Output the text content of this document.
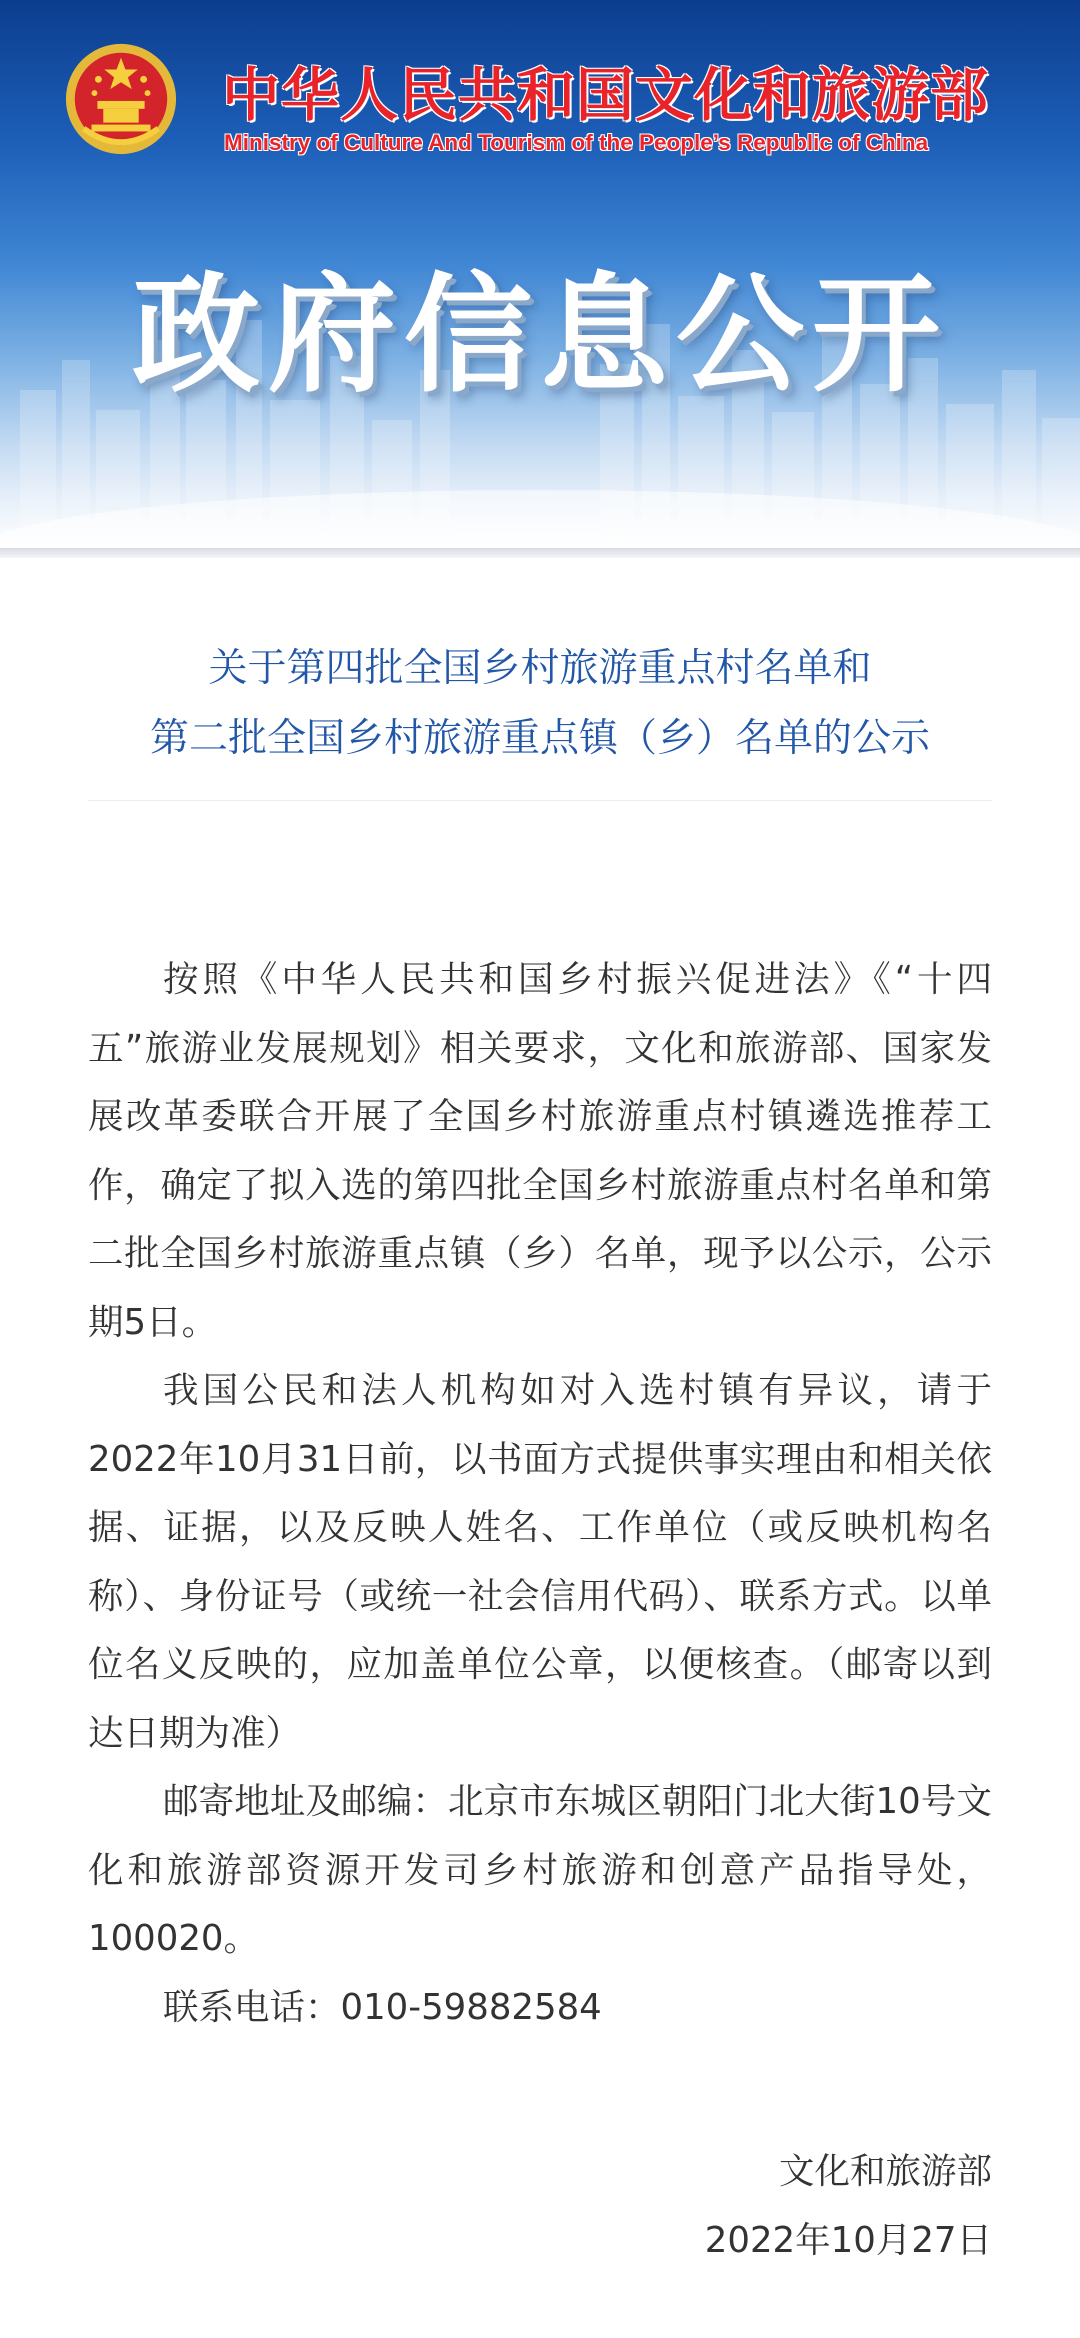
中华人民共和国文化和旅游部
Ministry of Culture And Tourism of the People’s Republic of China
政府信息公开
关于第四批全国乡村旅游重点村名单和
第二批全国乡村旅游重点镇（乡）名单的公示

按照《中华人民共和国乡村振兴促进法》《“十四五”旅游业发展规划》相关要求，文化和旅游部、国家发展改革委联合开展了全国乡村旅游重点村镇遴选推荐工作，确定了拟入选的第四批全国乡村旅游重点村名单和第二批全国乡村旅游重点镇（乡）名单，现予以公示，公示期5日。

我国公民和法人机构如对入选村镇有异议，请于2022年10月31日前，以书面方式提供事实理由和相关依据、证据，以及反映人姓名、工作单位（或反映机构名称）、身份证号（或统一社会信用代码）、联系方式。以单位名义反映的，应加盖单位公章，以便核查。（邮寄以到达日期为准）

邮寄地址及邮编：北京市东城区朝阳门北大街10号文化和旅游部资源开发司乡村旅游和创意产品指导处，100020。

联系电话：010-59882584

文化和旅游部
2022年10月27日
